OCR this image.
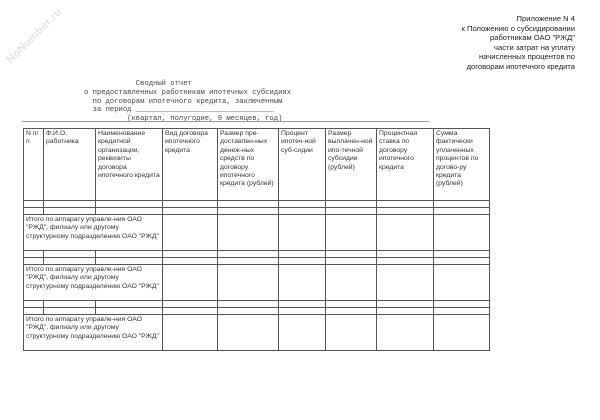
NoNumber.ru	Приложение N 4
к Положению о субсидировании
работникам ОАО "РЖД"
части затрат на уплату
начисленных процентов по
договорам ипотечного кредита
Сводный отчет
о предоставленных работникам ипотечных субсидиях
по договорам ипотечного кредита, заключенным
за период ________________________________
(квартал, полугодие, 9 месяцев, год)
N п/п	Ф.И.О. работника	Наименование кредитной организации, реквизиты договора ипотечного кредита	Вид договора ипотечного кредита	Размер пре-доставлен-ных денеж-ных средств по договору ипотечного кредита (рублей)	Процент ипотеч-ной суб-сидии	Размер выплачен-ной ипо-течной субсидии (рублей)	Процентная ставка по договору ипотечного кредита	Сумма фактически уплаченных процентов по догово-ру кредита (рублей)

Итого по аппарату управле-ния ОАО "РЖД", филиалу или другому структурному подразделению ОАО "РЖД"								

Итого по аппарату управле-ния ОАО "РЖД", филиалу или другому структурному подразделению ОАО "РЖД"								

Итого по аппарату управле-ния ОАО "РЖД", филиалу или другому структурному подразделению ОАО "РЖД"								
